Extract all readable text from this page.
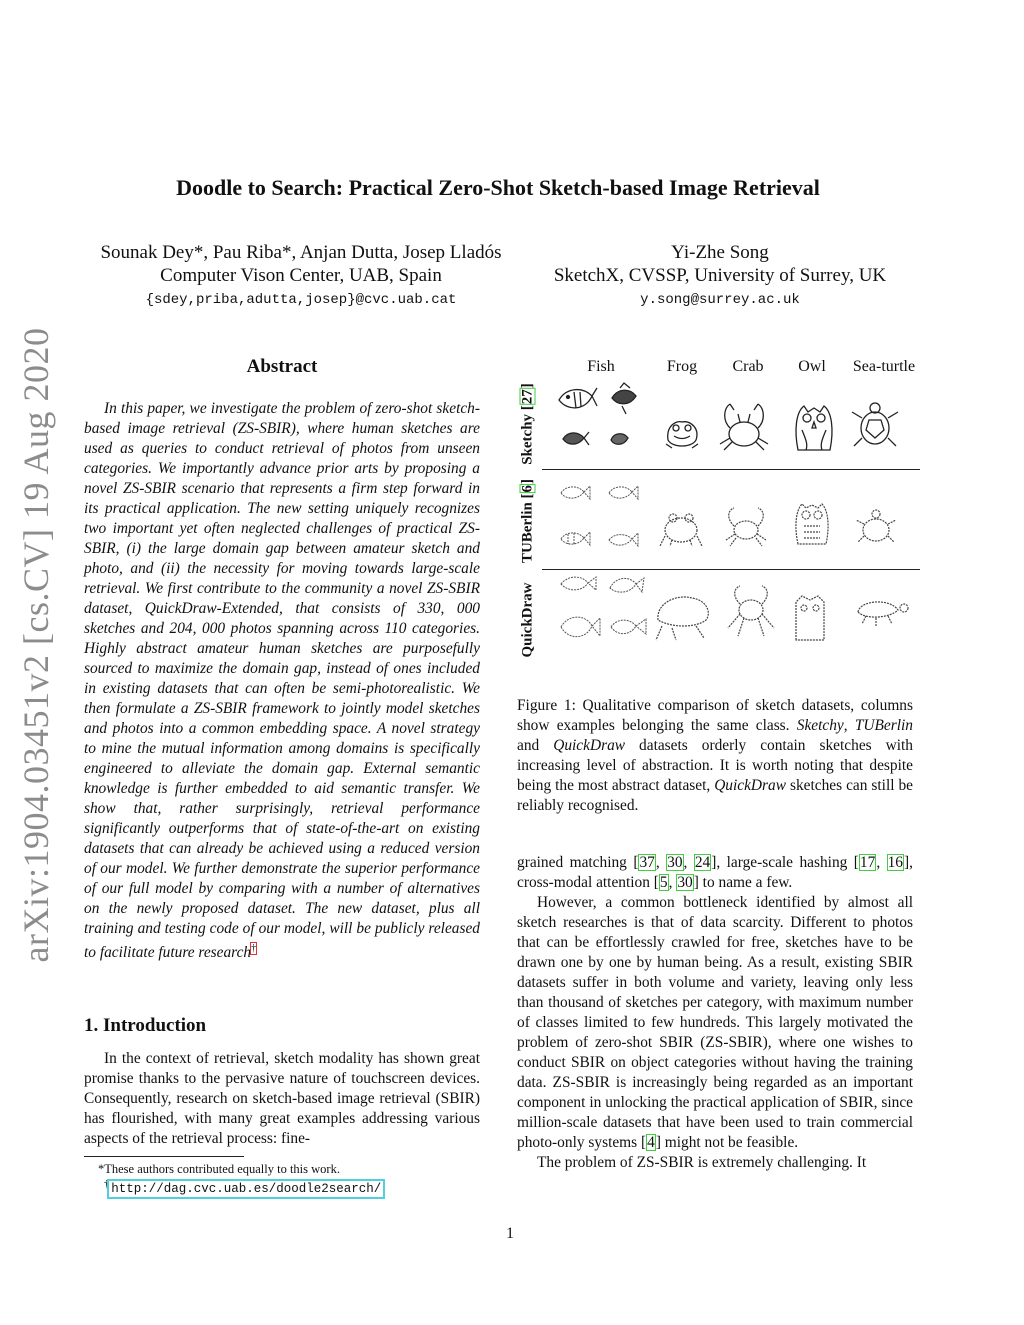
arXiv:1904.03451v2 [cs.CV] 19 Aug 2020
Doodle to Search: Practical Zero-Shot Sketch-based Image Retrieval
Sounak Dey*, Pau Riba*, Anjan Dutta, Josep Lladós
Computer Vison Center, UAB, Spain
{sdey,priba,adutta,josep}@cvc.uab.cat
Yi-Zhe Song
SketchX, CVSSP, University of Surrey, UK
y.song@surrey.ac.uk
Abstract
In this paper, we investigate the problem of zero-shot sketch-based image retrieval (ZS-SBIR), where human sketches are used as queries to conduct retrieval of photos from unseen categories. We importantly advance prior arts by proposing a novel ZS-SBIR scenario that represents a firm step forward in its practical application. The new setting uniquely recognizes two important yet often neglected challenges of practical ZS-SBIR, (i) the large domain gap between amateur sketch and photo, and (ii) the necessity for moving towards large-scale retrieval. We first contribute to the community a novel ZS-SBIR dataset, QuickDraw-Extended, that consists of 330, 000 sketches and 204, 000 photos spanning across 110 categories. Highly abstract amateur human sketches are purposefully sourced to maximize the domain gap, instead of ones included in existing datasets that can often be semi-photorealistic. We then formulate a ZS-SBIR framework to jointly model sketches and photos into a common embedding space. A novel strategy to mine the mutual information among domains is specifically engineered to alleviate the domain gap. External semantic knowledge is further embedded to aid semantic transfer. We show that, rather surprisingly, retrieval performance significantly outperforms that of state-of-the-art on existing datasets that can already be achieved using a reduced version of our model. We further demonstrate the superior performance of our full model by comparing with a number of alternatives on the newly proposed dataset. The new dataset, plus all training and testing code of our model, will be publicly released to facilitate future research†
1. Introduction
In the context of retrieval, sketch modality has shown great promise thanks to the pervasive nature of touchscreen devices. Consequently, research on sketch-based image retrieval (SBIR) has flourished, with many great examples addressing various aspects of the retrieval process: fine-
*These authors contributed equally to this work.
† http://dag.cvc.uab.es/doodle2search/
Fish	Frog	Crab	Owl	Sea-turtle
Sketchy [27]
TUBerlin [6]
QuickDraw
Figure 1: Qualitative comparison of sketch datasets, columns show examples belonging the same class. Sketchy, TUBerlin and QuickDraw datasets orderly contain sketches with increasing level of abstraction. It is worth noting that despite being the most abstract dataset, QuickDraw sketches can still be reliably recognised.

grained matching [37, 30, 24], large-scale hashing [17, 16], cross-modal attention [5, 30] to name a few.

However, a common bottleneck identified by almost all sketch researches is that of data scarcity. Different to photos that can be effortlessly crawled for free, sketches have to be drawn one by one by human being. As a result, existing SBIR datasets suffer in both volume and variety, leaving only less than thousand of sketches per category, with maximum number of classes limited to few hundreds. This largely motivated the problem of zero-shot SBIR (ZS-SBIR), where one wishes to conduct SBIR on object categories without having the training data. ZS-SBIR is increasingly being regarded as an important component in unlocking the practical application of SBIR, since million-scale datasets that have been used to train commercial photo-only systems [4] might not be feasible.

The problem of ZS-SBIR is extremely challenging. It

1
